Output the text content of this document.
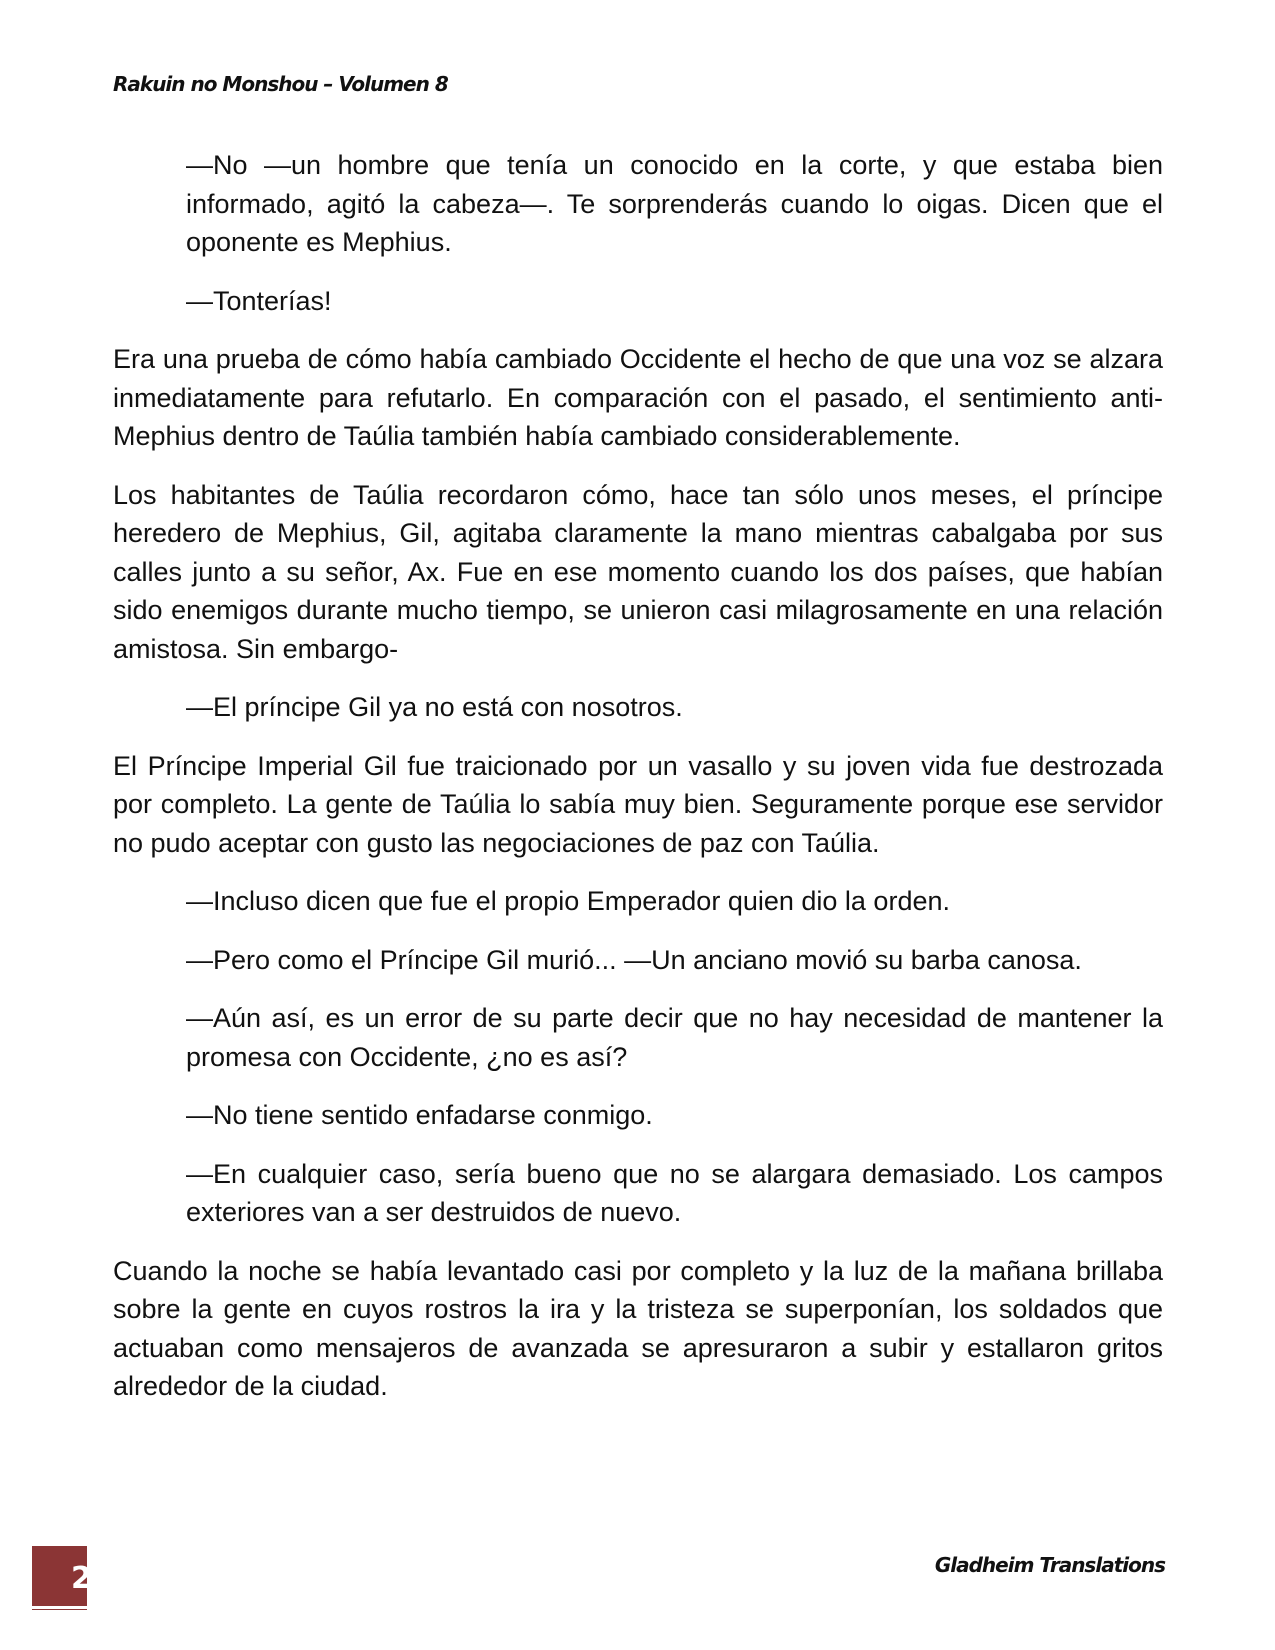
Rakuin no Monshou – Volumen 8

—No —un hombre que tenía un conocido en la corte, y que estaba bien informado, agitó la cabeza—. Te sorprenderás cuando lo oigas. Dicen que el oponente es Mephius.

—Tonterías!

Era una prueba de cómo había cambiado Occidente el hecho de que una voz se alzara inmediatamente para refutarlo. En comparación con el pasado, el sentimiento anti-Mephius dentro de Taúlia también había cambiado considerablemente.

Los habitantes de Taúlia recordaron cómo, hace tan sólo unos meses, el príncipe heredero de Mephius, Gil, agitaba claramente la mano mientras cabalgaba por sus calles junto a su señor, Ax. Fue en ese momento cuando los dos países, que habían sido enemigos durante mucho tiempo, se unieron casi milagrosamente en una relación amistosa. Sin embargo-

—El príncipe Gil ya no está con nosotros.

El Príncipe Imperial Gil fue traicionado por un vasallo y su joven vida fue destrozada por completo. La gente de Taúlia lo sabía muy bien. Seguramente porque ese servidor no pudo aceptar con gusto las negociaciones de paz con Taúlia.

—Incluso dicen que fue el propio Emperador quien dio la orden.

—Pero como el Príncipe Gil murió... —Un anciano movió su barba canosa.

—Aún así, es un error de su parte decir que no hay necesidad de mantener la promesa con Occidente, ¿no es así?

—No tiene sentido enfadarse conmigo.

—En cualquier caso, sería bueno que no se alargara demasiado. Los campos exteriores van a ser destruidos de nuevo.

Cuando la noche se había levantado casi por completo y la luz de la mañana brillaba sobre la gente en cuyos rostros la ira y la tristeza se superponían, los soldados que actuaban como mensajeros de avanzada se apresuraron a subir y estallaron gritos alrededor de la ciudad.

2	Gladheim Translations
